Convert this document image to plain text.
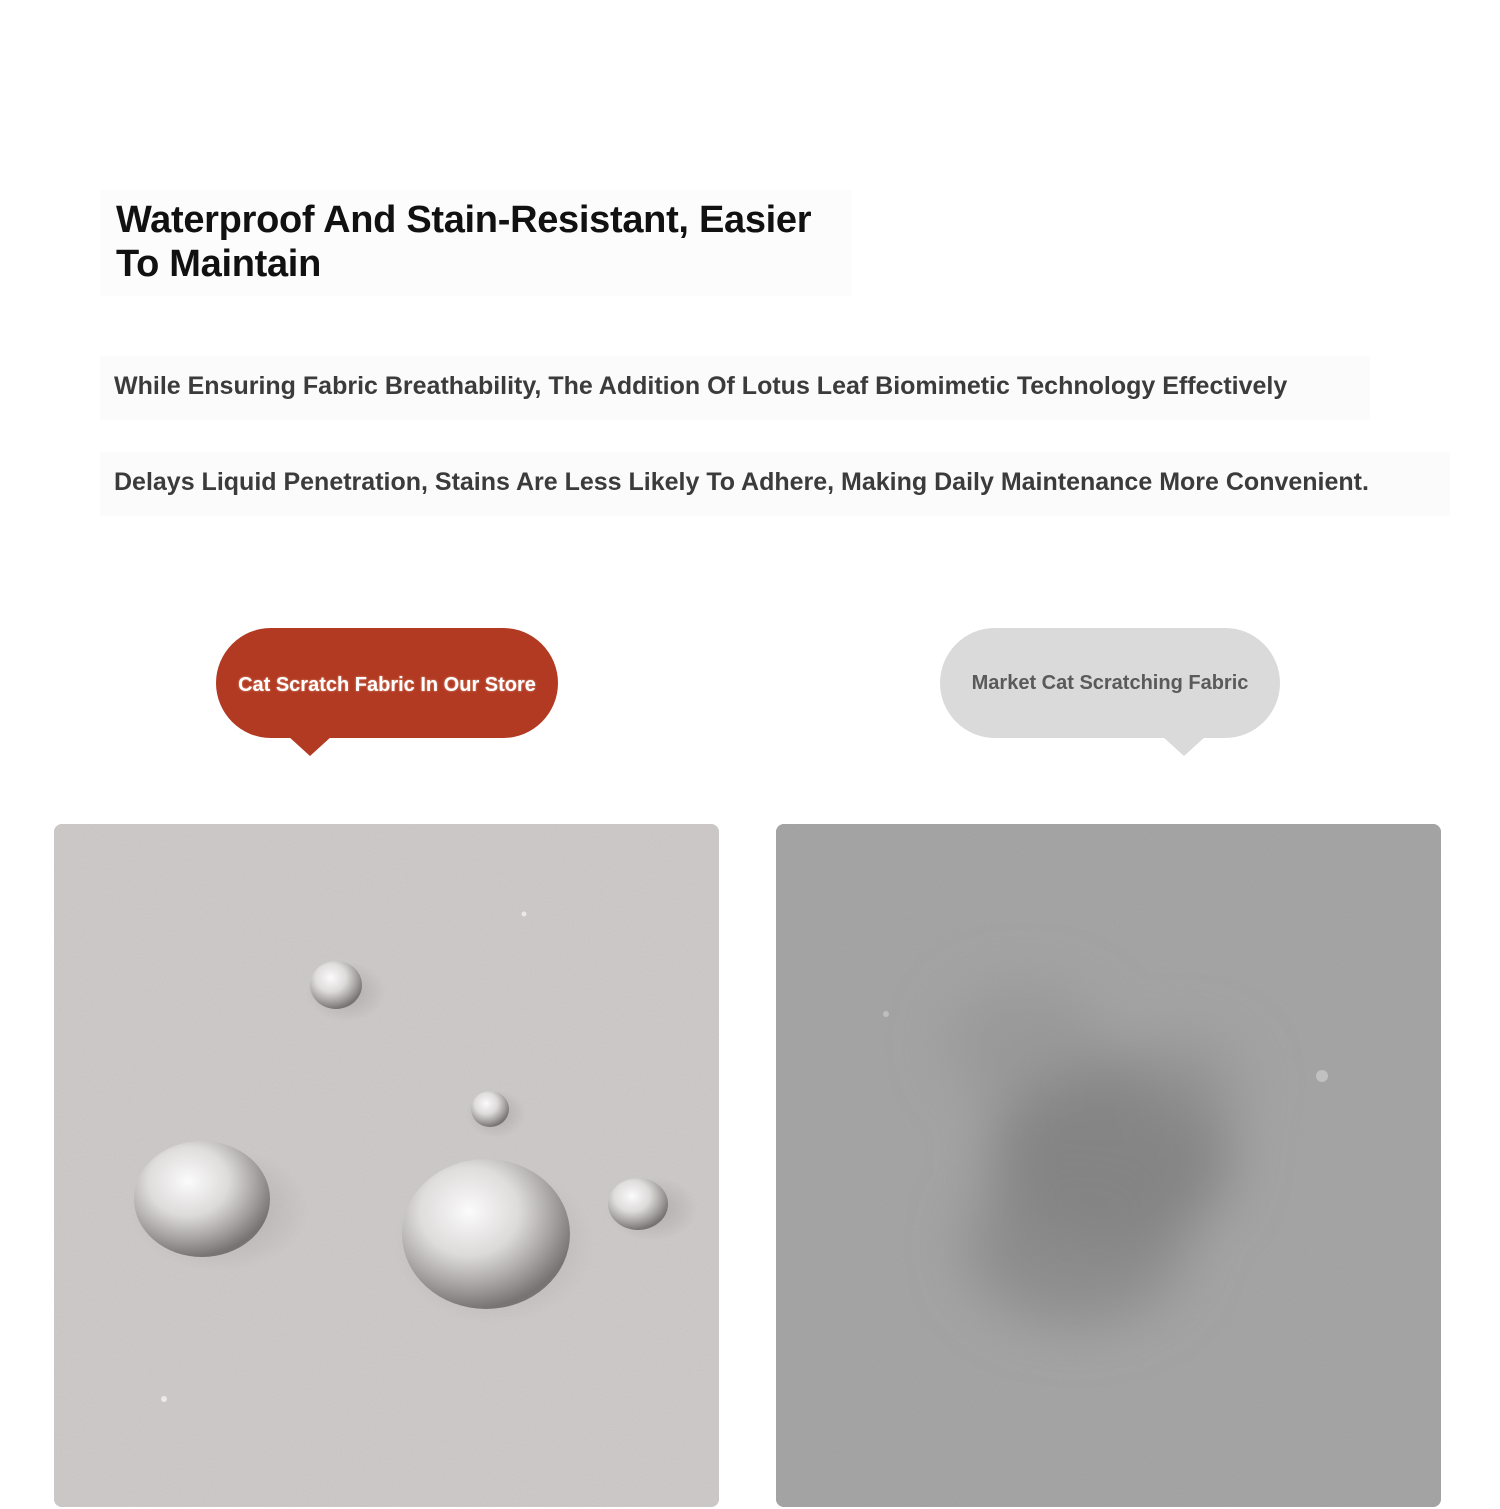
Waterproof And Stain-Resistant, Easier
To Maintain

While Ensuring Fabric Breathability, The Addition Of Lotus Leaf Biomimetic Technology Effectively

Delays Liquid Penetration, Stains Are Less Likely To Adhere, Making Daily Maintenance More Convenient.

Cat Scratch Fabric In Our Store	Market Cat Scratching Fabric
